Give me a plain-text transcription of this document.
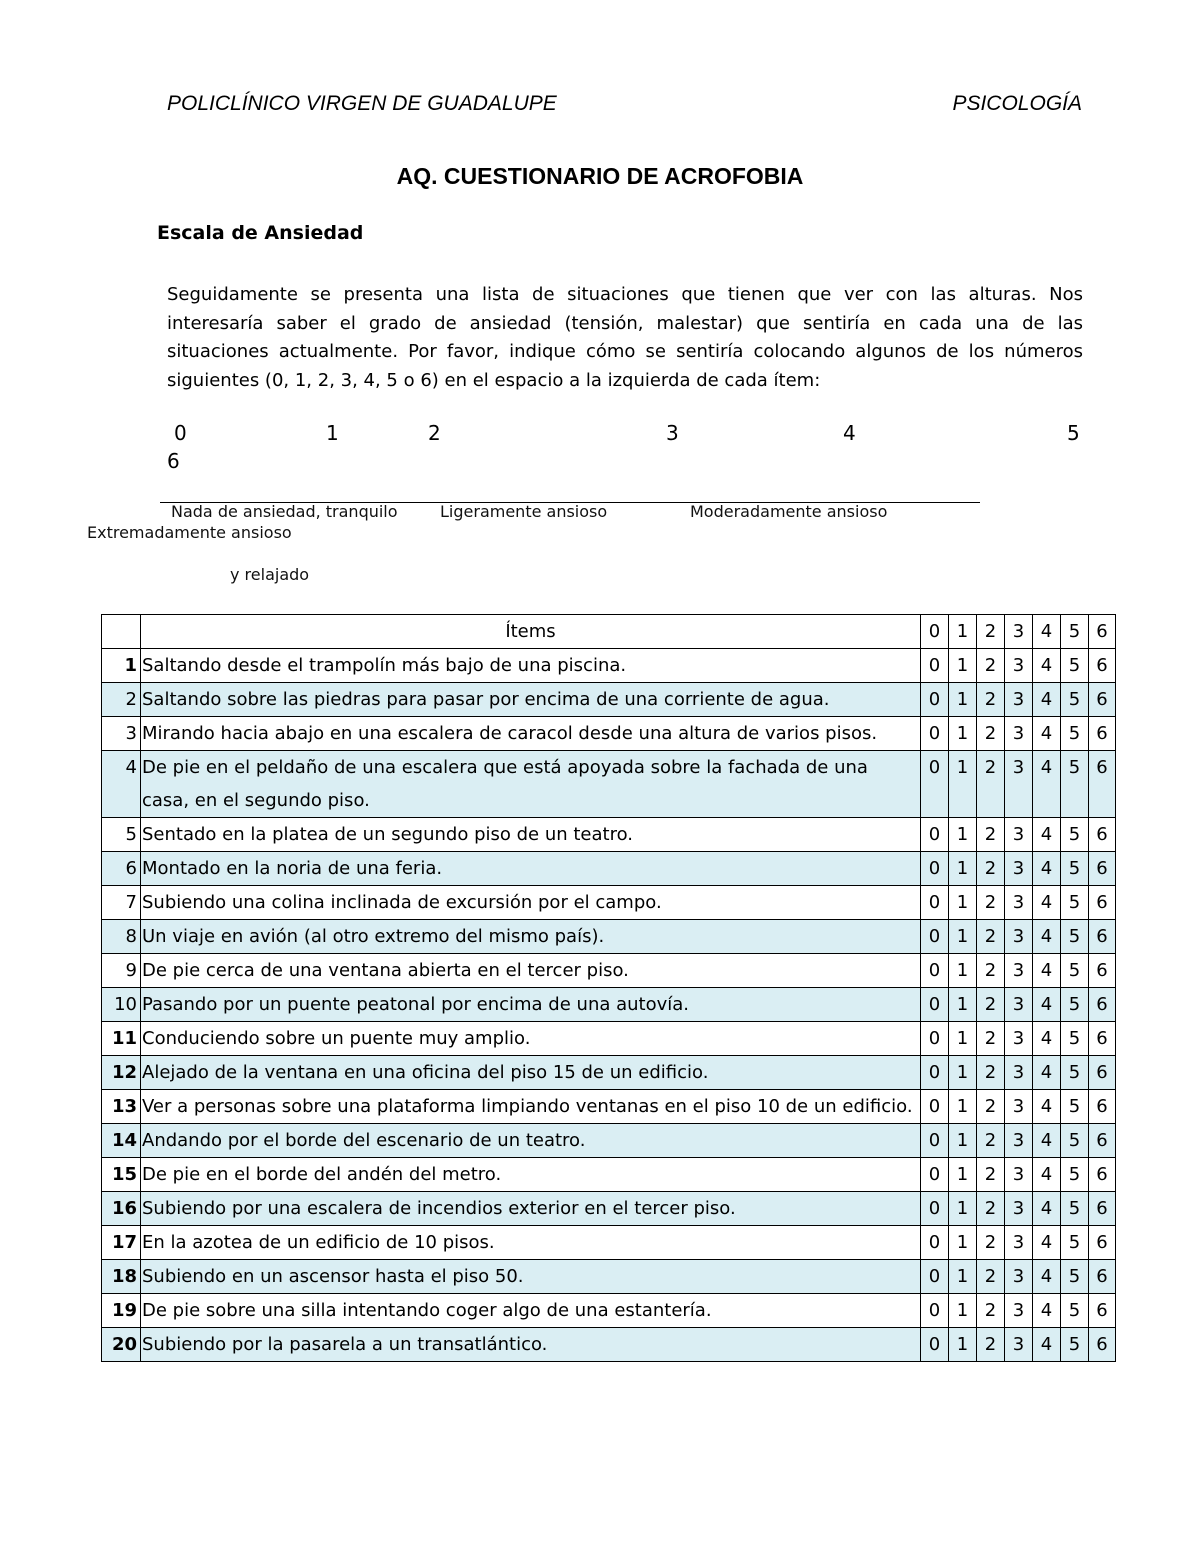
POLICLÍNICO VIRGEN DE GUADALUPE	PSICOLOGÍA
AQ. CUESTIONARIO DE ACROFOBIA
Escala de Ansiedad
Seguidamente se presenta una lista de situaciones que tienen que ver con las alturas. Nos interesaría saber el grado de ansiedad (tensión, malestar) que sentiría en cada una de las situaciones actualmente. Por favor, indique cómo se sentiría colocando algunos de los números siguientes (0, 1, 2, 3, 4, 5 o 6) en el espacio a la izquierda de cada ítem:
0	1	2	3	4	5
6
Nada de ansiedad, tranquilo	Ligeramente ansioso	Moderadamente ansioso
Extremadamente ansioso
y relajado
	Ítems	0	1	2	3	4	5	6
1	Saltando desde el trampolín más bajo de una piscina.	0	1	2	3	4	5	6
2	Saltando sobre las piedras para pasar por encima de una corriente de agua.	0	1	2	3	4	5	6
3	Mirando hacia abajo en una escalera de caracol desde una altura de varios pisos.	0	1	2	3	4	5	6
4	De pie en el peldaño de una escalera que está apoyada sobre la fachada de una casa, en el segundo piso.	0	1	2	3	4	5	6
5	Sentado en la platea de un segundo piso de un teatro.	0	1	2	3	4	5	6
6	Montado en la noria de una feria.	0	1	2	3	4	5	6
7	Subiendo una colina inclinada de excursión por el campo.	0	1	2	3	4	5	6
8	Un viaje en avión (al otro extremo del mismo país).	0	1	2	3	4	5	6
9	De pie cerca de una ventana abierta en el tercer piso.	0	1	2	3	4	5	6
10	Pasando por un puente peatonal por encima de una autovía.	0	1	2	3	4	5	6
11	Conduciendo sobre un puente muy amplio.	0	1	2	3	4	5	6
12	Alejado de la ventana en una oficina del piso 15 de un edificio.	0	1	2	3	4	5	6
13	Ver a personas sobre una plataforma limpiando ventanas en el piso 10 de un edificio.	0	1	2	3	4	5	6
14	Andando por el borde del escenario de un teatro.	0	1	2	3	4	5	6
15	De pie en el borde del andén del metro.	0	1	2	3	4	5	6
16	Subiendo por una escalera de incendios exterior en el tercer piso.	0	1	2	3	4	5	6
17	En la azotea de un edificio de 10 pisos.	0	1	2	3	4	5	6
18	Subiendo en un ascensor hasta el piso 50.	0	1	2	3	4	5	6
19	De pie sobre una silla intentando coger algo de una estantería.	0	1	2	3	4	5	6
20	Subiendo por la pasarela a un transatlántico.	0	1	2	3	4	5	6
